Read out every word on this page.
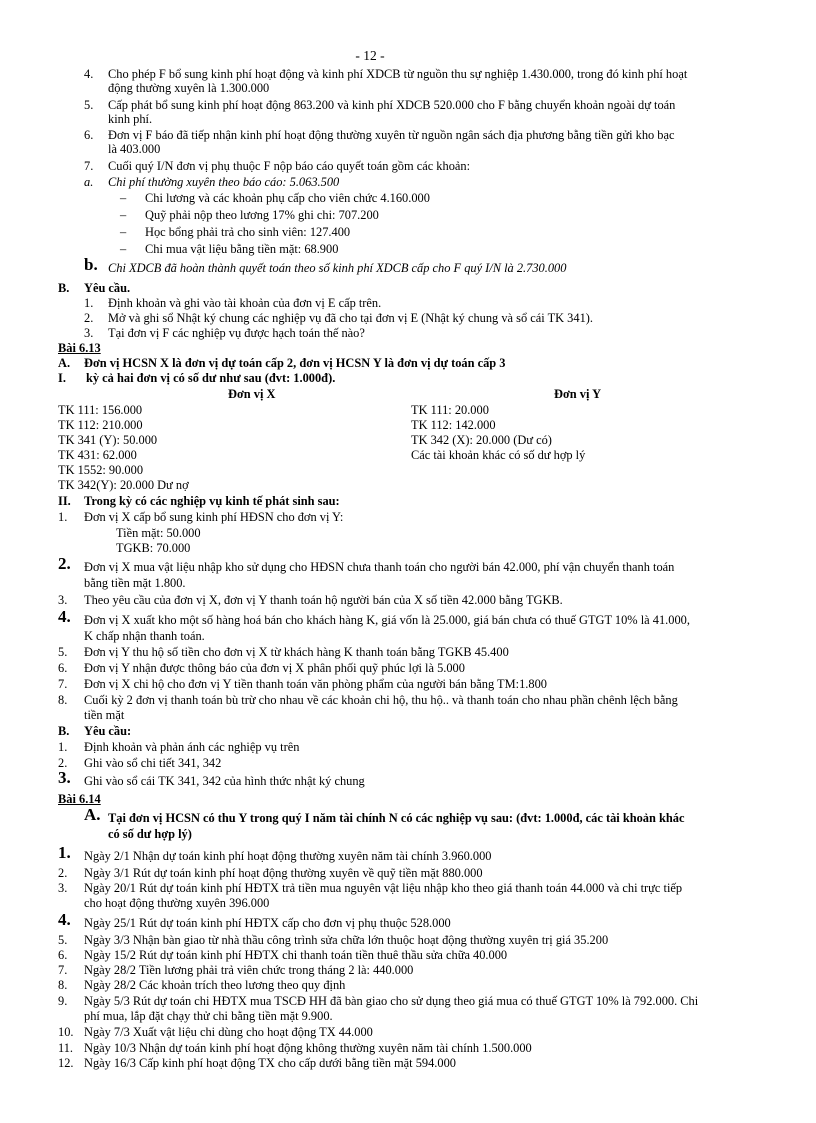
- 12 -
4. Cho phép F bổ sung kinh phí hoạt động và kinh phí XDCB từ nguồn thu sự nghiệp 1.430.000, trong đó kinh phí hoạt
động thường xuyên là 1.300.000
5. Cấp phát bổ sung kinh phí hoạt động 863.200 và kinh phí XDCB 520.000 cho F bằng chuyển khoản ngoài dự toán
kinh phí.
6. Đơn vị F báo đã tiếp nhận kinh phí hoạt động thường xuyên từ nguồn ngân sách địa phương bằng tiền gửi kho bạc
là 403.000
7. Cuối quý I/N đơn vị phụ thuộc F nộp báo cáo quyết toán gồm các khoản:
a. Chi phí thường xuyên theo báo cáo: 5.063.500
– Chi lương và các khoản phụ cấp cho viên chức 4.160.000
– Quỹ phải nộp theo lương 17% ghi chi: 707.200
– Học bổng phải trả cho sinh viên: 127.400
– Chi mua vật liệu bằng tiền mặt: 68.900
b. Chi XDCB đã hoàn thành quyết toán theo số kinh phí XDCB cấp cho F quý I/N là 2.730.000
B. Yêu cầu.
1. Định khoản và ghi vào tài khoản của đơn vị E cấp trên.
2. Mở và ghi sổ Nhật ký chung các nghiệp vụ đã cho tại đơn vị E (Nhật ký chung và sổ cái TK 341).
3. Tại đơn vị F các nghiệp vụ được hạch toán thế nào?
Bài 6.13
A. Đơn vị HCSN X là đơn vị dự toán cấp 2, đơn vị HCSN Y là đơn vị dự toán cấp 3
I. kỳ cả hai đơn vị có số dư như sau (đvt: 1.000đ).
Đơn vị X	Đơn vị Y
TK 111: 156.000
TK 112: 210.000
TK 341 (Y): 50.000
TK 431: 62.000
TK 1552: 90.000
TK 342(Y): 20.000 Dư nợ
TK 111: 20.000
TK 112: 142.000
TK 342 (X): 20.000 (Dư có)
Các tài khoản khác có số dư hợp lý
II. Trong kỳ có các nghiệp vụ kinh tế phát sinh sau:
1. Đơn vị X cấp bổ sung kinh phí HĐSN cho đơn vị Y:
Tiền mặt: 50.000
TGKB: 70.000
2. Đơn vị X mua vật liệu nhập kho sử dụng cho HĐSN chưa thanh toán cho người bán 42.000, phí vận chuyển thanh toán
bằng tiền mặt 1.800.
3. Theo yêu cầu của đơn vị X, đơn vị Y thanh toán hộ người bán của X số tiền 42.000 bằng TGKB.
4. Đơn vị X xuất kho một số hàng hoá bán cho khách hàng K, giá vốn là 25.000, giá bán chưa có thuế GTGT 10% là 41.000,
K chấp nhận thanh toán.
5. Đơn vị Y thu hộ số tiền cho đơn vị X từ khách hàng K thanh toán bằng TGKB 45.400
6. Đơn vị Y nhận được thông báo của đơn vị X phân phối quỹ phúc lợi là 5.000
7. Đơn vị X chi hộ cho đơn vị Y tiền thanh toán văn phòng phẩm của người bán bằng TM:1.800
8. Cuối kỳ 2 đơn vị thanh toán bù trừ cho nhau về các khoản chi hộ, thu hộ.. và thanh toán cho nhau phần chênh lệch bằng
tiền mặt
B. Yêu cầu:
1. Định khoản và phản ánh các nghiệp vụ trên
2. Ghi vào sổ chi tiết 341, 342
3. Ghi vào sổ cái TK 341, 342 của hình thức nhật ký chung
Bài 6.14
A. Tại đơn vị HCSN có thu Y trong quý I năm tài chính N có các nghiệp vụ sau: (đvt: 1.000đ, các tài khoản khác
có số dư hợp lý)
1. Ngày 2/1 Nhận dự toán kinh phí hoạt động thường xuyên năm tài chính 3.960.000
2. Ngày 3/1 Rút dự toán kinh phí hoạt động thường xuyên về quỹ tiền mặt 880.000
3. Ngày 20/1 Rút dự toán kinh phí HĐTX trả tiền mua nguyên vật liệu nhập kho theo giá thanh toán 44.000 và chi trực tiếp
cho hoạt động thường xuyên 396.000
4. Ngày 25/1 Rút dự toán kinh phí HĐTX cấp cho đơn vị phụ thuộc 528.000
5. Ngày 3/3 Nhận bàn giao từ nhà thầu công trình sửa chữa lớn thuộc hoạt động thường xuyên trị giá 35.200
6. Ngày 15/2 Rút dự toán kinh phí HĐTX chi thanh toán tiền thuê thầu sửa chữa 40.000
7. Ngày 28/2 Tiền lương phải trả viên chức trong tháng 2 là: 440.000
8. Ngày 28/2 Các khoản trích theo lương theo quy định
9. Ngày 5/3 Rút dự toán chi HĐTX mua TSCĐ HH đã bàn giao cho sử dụng theo giá mua có thuế GTGT 10% là 792.000. Chi
phí mua, lắp đặt chạy thử chi bằng tiền mặt 9.900.
10. Ngày 7/3 Xuất vật liệu chi dùng cho hoạt động TX 44.000
11. Ngày 10/3 Nhận dự toán kinh phí hoạt động không thường xuyên năm tài chính 1.500.000
12. Ngày 16/3 Cấp kinh phí hoạt động TX cho cấp dưới bằng tiền mặt 594.000
